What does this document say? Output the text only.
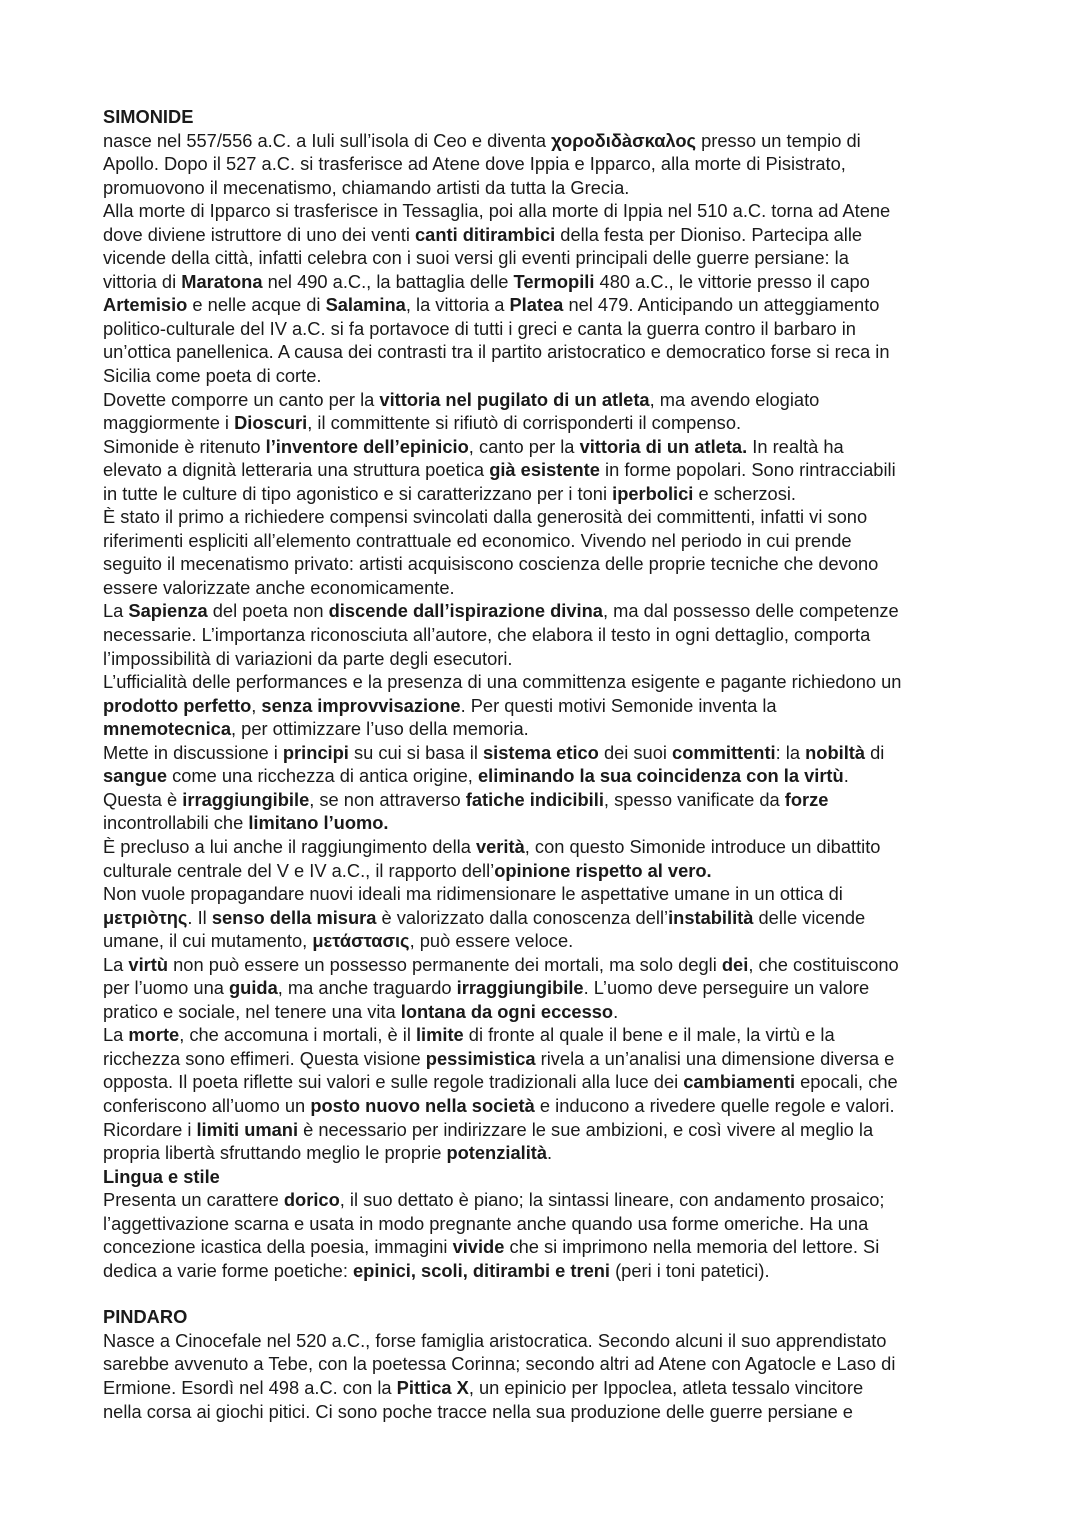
SIMONIDE
nasce nel 557/556 a.C. a Iuli sull’isola di Ceo e diventa χοροδιδàσκαλος presso un tempio di
Apollo. Dopo il 527 a.C. si trasferisce ad Atene dove Ippia e Ipparco, alla morte di Pisistrato,
promuovono il mecenatismo, chiamando artisti da tutta la Grecia.
Alla morte di Ipparco si trasferisce in Tessaglia, poi alla morte di Ippia nel 510 a.C. torna ad Atene
dove diviene istruttore di uno dei venti canti ditirambici della festa per Dioniso. Partecipa alle
vicende della città, infatti celebra con i suoi versi gli eventi principali delle guerre persiane: la
vittoria di Maratona nel 490 a.C., la battaglia delle Termopili 480 a.C., le vittorie presso il capo
Artemisio e nelle acque di Salamina, la vittoria a Platea nel 479. Anticipando un atteggiamento
politico-culturale del IV a.C. si fa portavoce di tutti i greci e canta la guerra contro il barbaro in
un’ottica panellenica. A causa dei contrasti tra il partito aristocratico e democratico forse si reca in
Sicilia come poeta di corte.
Dovette comporre un canto per la vittoria nel pugilato di un atleta, ma avendo elogiato
maggiormente i Dioscuri, il committente si rifiutò di corrisponderti il compenso.
Simonide è ritenuto l’inventore dell’epinicio, canto per la vittoria di un atleta. In realtà ha
elevato a dignità letteraria una struttura poetica già esistente in forme popolari. Sono rintracciabili
in tutte le culture di tipo agonistico e si caratterizzano per i toni iperbolici e scherzosi.
È stato il primo a richiedere compensi svincolati dalla generosità dei committenti, infatti vi sono
riferimenti espliciti all’elemento contrattuale ed economico. Vivendo nel periodo in cui prende
seguito il mecenatismo privato: artisti acquisiscono coscienza delle proprie tecniche che devono
essere valorizzate anche economicamente.
La Sapienza del poeta non discende dall’ispirazione divina, ma dal possesso delle competenze
necessarie. L’importanza riconosciuta all’autore, che elabora il testo in ogni dettaglio, comporta
l’impossibilità di variazioni da parte degli esecutori.
L’ufficialità delle performances e la presenza di una committenza esigente e pagante richiedono un
prodotto perfetto, senza improvvisazione. Per questi motivi Semonide inventa la
mnemotecnica, per ottimizzare l’uso della memoria.
Mette in discussione i principi su cui si basa il sistema etico dei suoi committenti: la nobiltà di
sangue come una ricchezza di antica origine, eliminando la sua coincidenza con la virtù.
Questa è irraggiungibile, se non attraverso fatiche indicibili, spesso vanificate da forze
incontrollabili che limitano l’uomo.
È precluso a lui anche il raggiungimento della verità, con questo Simonide introduce un dibattito
culturale centrale del V e IV a.C., il rapporto dell’opinione rispetto al vero.
Non vuole propagandare nuovi ideali ma ridimensionare le aspettative umane in un ottica di
μετριòτης. Il senso della misura è valorizzato dalla conoscenza dell’instabilità delle vicende
umane, il cui mutamento, μετάστασις, può essere veloce.
La virtù non può essere un possesso permanente dei mortali, ma solo degli dei, che costituiscono
per l’uomo una guida, ma anche traguardo irraggiungibile. L’uomo deve perseguire un valore
pratico e sociale, nel tenere una vita lontana da ogni eccesso.
La morte, che accomuna i mortali, è il limite di fronte al quale il bene e il male, la virtù e la
ricchezza sono effimeri. Questa visione pessimistica rivela a un’analisi una dimensione diversa e
opposta. Il poeta riflette sui valori e sulle regole tradizionali alla luce dei cambiamenti epocali, che
conferiscono all’uomo un posto nuovo nella società e inducono a rivedere quelle regole e valori.
Ricordare i limiti umani è necessario per indirizzare le sue ambizioni, e così vivere al meglio la
propria libertà sfruttando meglio le proprie potenzialità.
Lingua e stile
Presenta un carattere dorico, il suo dettato è piano; la sintassi lineare, con andamento prosaico;
l’aggettivazione scarna e usata in modo pregnante anche quando usa forme omeriche. Ha una
concezione icastica della poesia, immagini vivide che si imprimono nella memoria del lettore. Si
dedica a varie forme poetiche: epinici, scoli, ditirambi e treni (peri i toni patetici).
PINDARO
Nasce a Cinocefale nel 520 a.C., forse famiglia aristocratica. Secondo alcuni il suo apprendistato
sarebbe avvenuto a Tebe, con la poetessa Corinna; secondo altri ad Atene con Agatocle e Laso di
Ermione. Esordì nel 498 a.C. con la Pittica X, un epinicio per Ippoclea, atleta tessalo vincitore
nella corsa ai giochi pitici. Ci sono poche tracce nella sua produzione delle guerre persiane e
